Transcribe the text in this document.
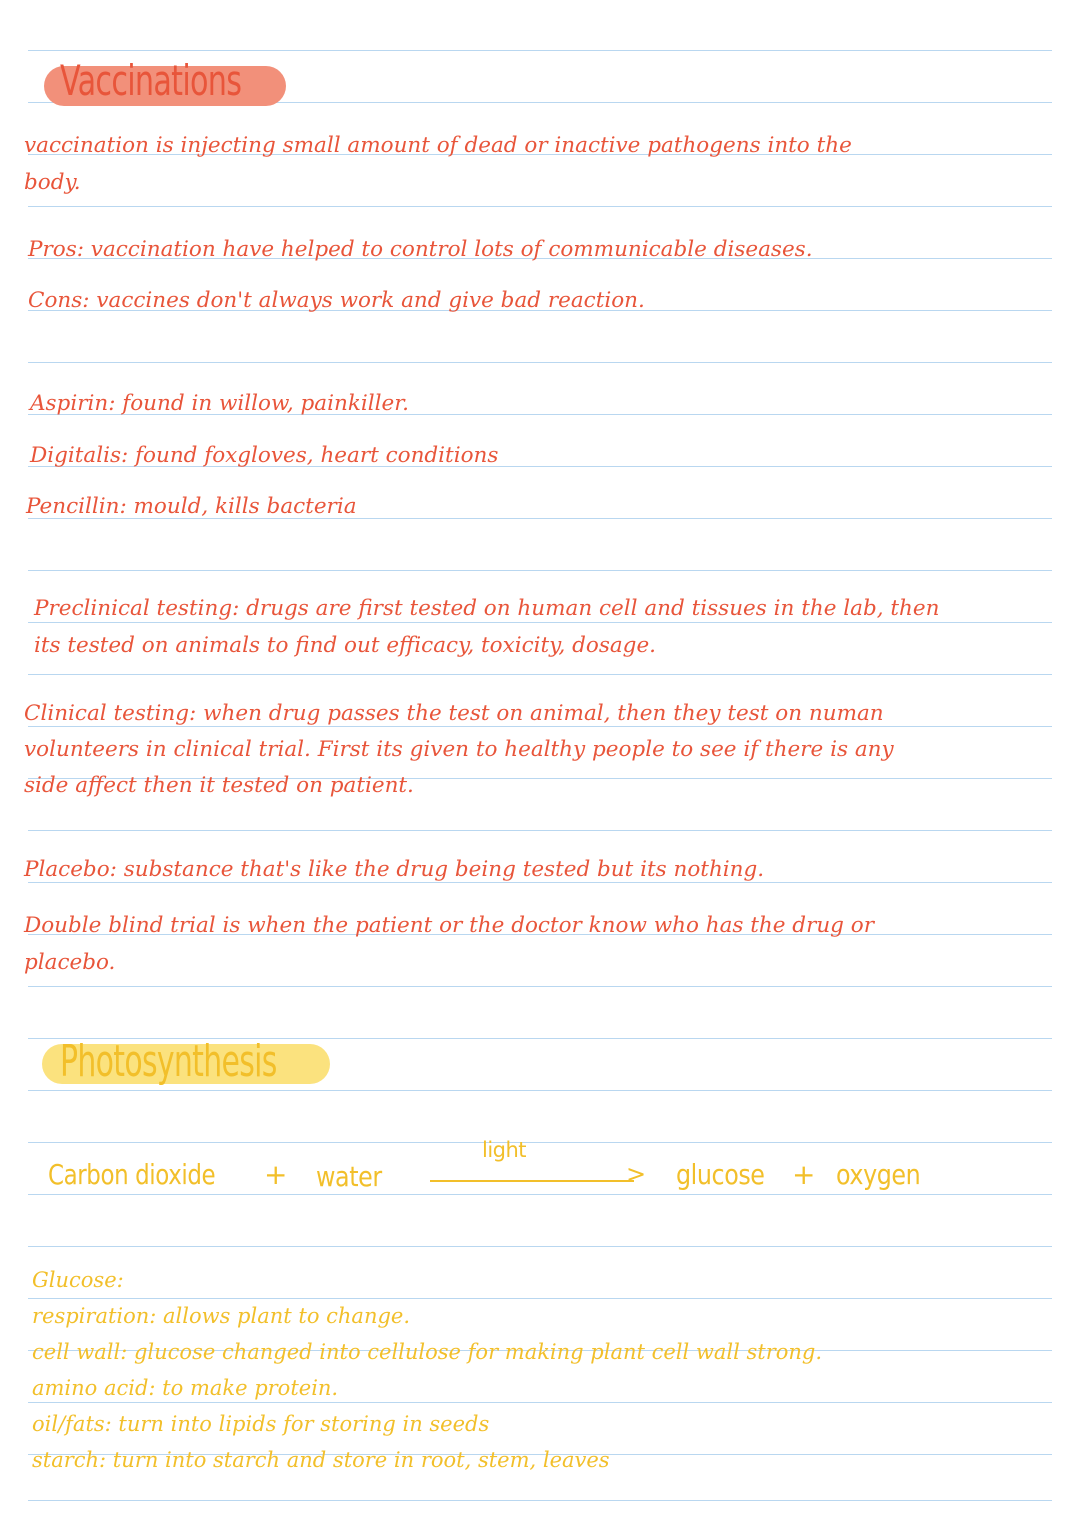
Vaccinations
vaccination is injecting small amount of dead or inactive pathogens into the
body.
Pros: vaccination have helped to control lots of communicable diseases.
Cons: vaccines don't always work and give bad reaction.
Aspirin: found in willow, painkiller.
Digitalis: found foxgloves, heart conditions
Pencillin: mould, kills bacteria
Preclinical testing: drugs are first tested on human cell and tissues in the lab, then
its tested on animals to find out efficacy, toxicity, dosage.
Clinical testing: when drug passes the test on animal, then they test on numan
volunteers in clinical trial. First its given to healthy people to see if there is any
side affect then it tested on patient.
Placebo: substance that's like the drug being tested but its nothing.
Double blind trial is when the patient or the doctor know who has the drug or
placebo.
Photosynthesis
Carbon dioxide + water
light
> glucose + oxygen
Glucose:
respiration: allows plant to change.
cell wall: glucose changed into cellulose for making plant cell wall strong.
amino acid: to make protein.
oil/fats: turn into lipids for storing in seeds
starch: turn into starch and store in root, stem, leaves
